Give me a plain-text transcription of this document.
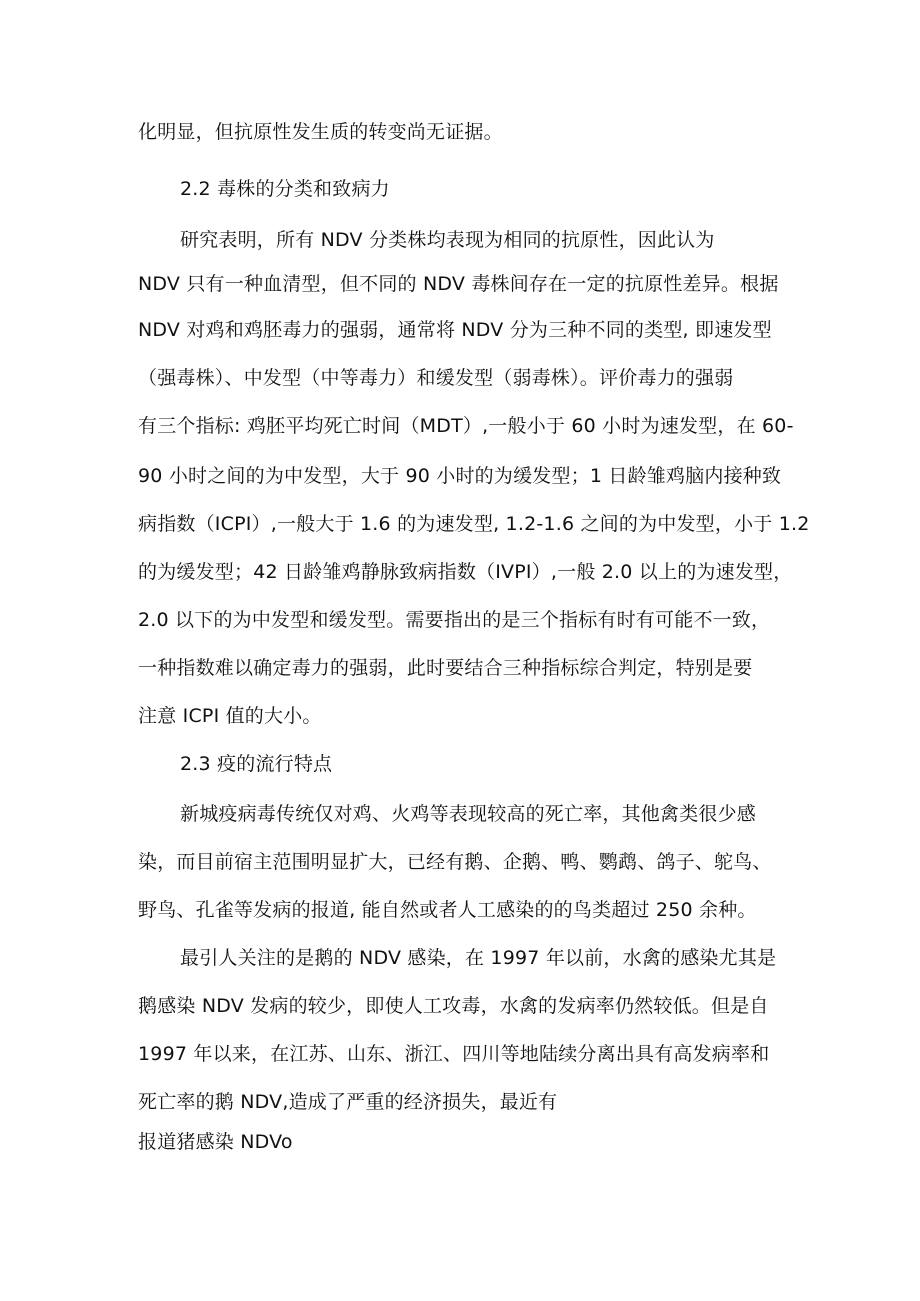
化明显，但抗原性发生质的转变尚无证据。
2.2 毒株的分类和致病力
研究表明，所有 NDV 分类株均表现为相同的抗原性，因此认为
NDV 只有一种血清型，但不同的 NDV 毒株间存在一定的抗原性差异。根据
NDV 对鸡和鸡胚毒力的强弱，通常将 NDV 分为三种不同的类型, 即速发型
（强毒株）、中发型（中等毒力）和缓发型（弱毒株）。评价毒力的强弱
有三个指标: 鸡胚平均死亡时间（MDT）,一般小于 60 小时为速发型，在 60-
90 小时之间的为中发型，大于 90 小时的为缓发型；1 日龄雏鸡脑内接种致
病指数（ICPI）,一般大于 1.6 的为速发型, 1.2-1.6 之间的为中发型，小于 1.2
的为缓发型；42 日龄雏鸡静脉致病指数（IVPI）,一般 2.0 以上的为速发型，
2.0 以下的为中发型和缓发型。需要指出的是三个指标有时有可能不一致，
一种指数难以确定毒力的强弱，此时要结合三种指标综合判定，特别是要
注意 ICPI 值的大小。
2.3 疫的流行特点
新城疫病毒传统仅对鸡、火鸡等表现较高的死亡率，其他禽类很少感
染，而目前宿主范围明显扩大，已经有鹅、企鹅、鸭、鹦鹉、鸽子、鸵鸟、
野鸟、孔雀等发病的报道, 能自然或者人工感染的的鸟类超过 250 余种。
最引人关注的是鹅的 NDV 感染，在 1997 年以前，水禽的感染尤其是
鹅感染 NDV 发病的较少，即使人工攻毒，水禽的发病率仍然较低。但是自
1997 年以来，在江苏、山东、浙江、四川等地陆续分离出具有高发病率和
死亡率的鹅 NDV,造成了严重的经济损失，最近有
报道猪感染 NDVo
